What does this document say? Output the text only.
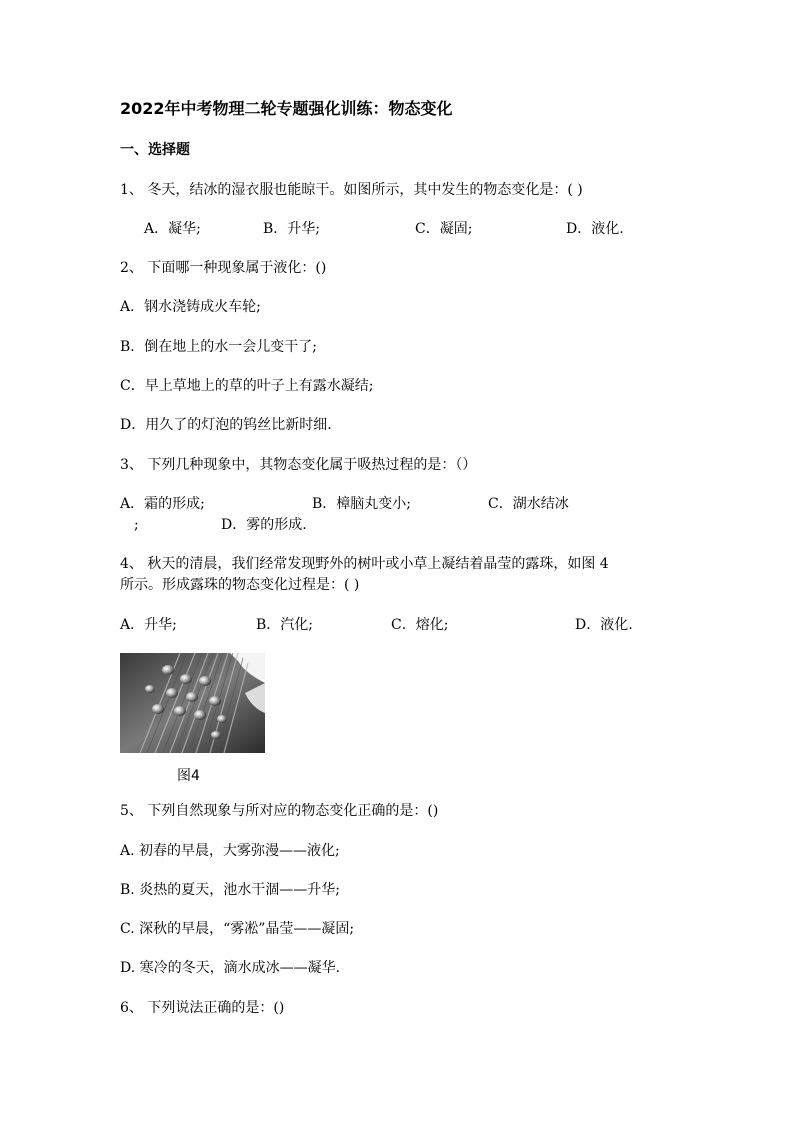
2022年中考物理二轮专题强化训练：物态变化
一、选择题
1、 冬天，结冰的湿衣服也能晾干。如图所示，其中发生的物态变化是：( )
A．凝华;	B．升华;	C．凝固;	D．液化.
2、 下面哪一种现象属于液化：()
A．钢水浇铸成火车轮;
B．倒在地上的水一会儿变干了;
C．早上草地上的草的叶子上有露水凝结;
D．用久了的灯泡的钨丝比新时细.
3、 下列几种现象中，其物态变化属于吸热过程的是：（）
A．霜的形成;	B．樟脑丸变小;	C．湖水结冰
;	D．雾的形成.
4、 秋天的清晨，我们经常发现野外的树叶或小草上凝结着晶莹的露珠，如图 4
所示。形成露珠的物态变化过程是：( )
A．升华;	B．汽化;	C．熔化;	D．液化.
图4
5、 下列自然现象与所对应的物态变化正确的是：()
A. 初春的早晨，大雾弥漫——液化;
B. 炎热的夏天，池水干涸——升华;
C. 深秋的早晨，“雾凇”晶莹——凝固;
D. 寒冷的冬天，滴水成冰——凝华.
6、 下列说法正确的是：()
